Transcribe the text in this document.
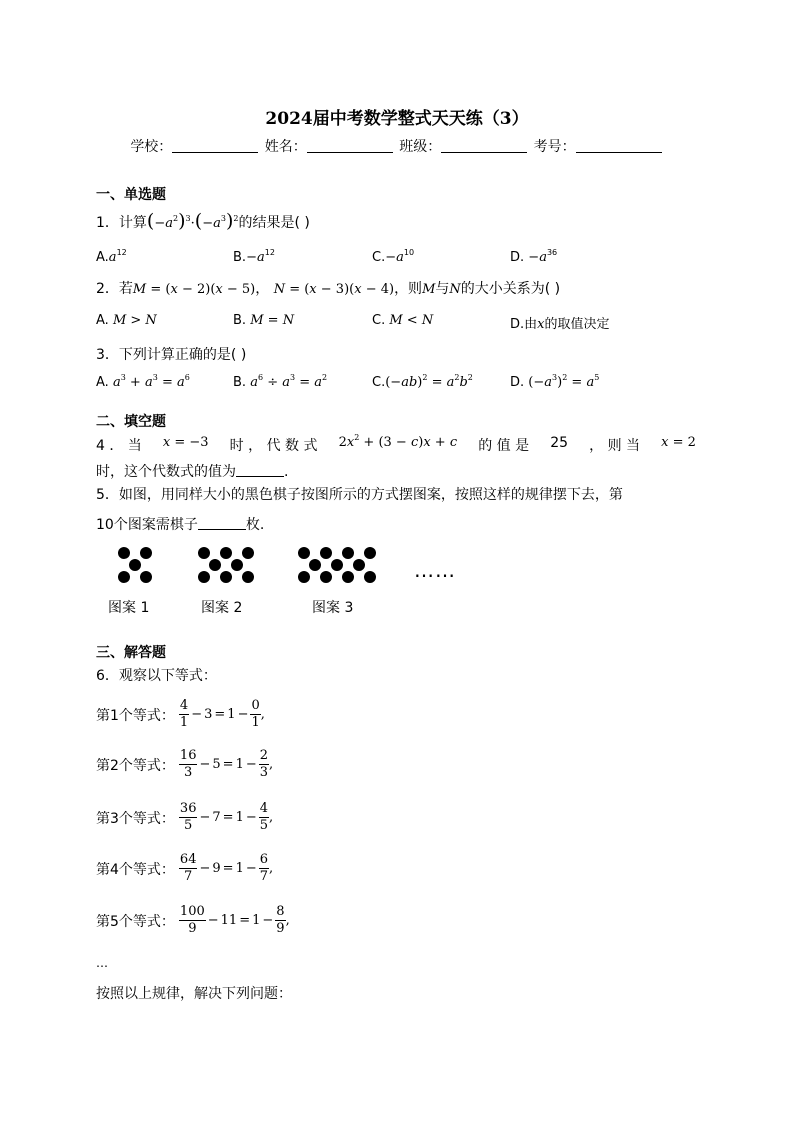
2024届中考数学整式天天练（3）
学校：	姓名：	班级：	考号：
一、单选题
1．计算$(-a^2)^3\cdot(-a^3)^2$的结果是( )
$A.a^{12}$	$B.-a^{12}$	$C.-a^{10}$	D. $-a^{36}$
2．若M = (x − 2)(x − 5)， N = (x − 3)(x − 4)，则M与N的大小关系为( )
A. M > N	B. M = N	C. M < N	D.由x的取值决定
3．下列计算正确的是( )
A. $a^3 + a^3 = a^6$	B. $a^6 \div a^3 = a^2$	$C.(-ab)^2 = a^2b^2$	D. $(-a^3)^2 = a^5$
二、填空题
4 ． 当 x = −3 时 ， 代 数 式 $2x^2 + (3 - c)x + c$ 的 值 是 25 ， 则 当 x = 2
时，这个代数式的值为	.
5．如图，用同样大小的黑色棋子按图所示的方式摆图案，按照这样的规律摆下去，第
10个图案需棋子	枚.
……
图案 1	图案 2	图案 3
三、解答题
6．观察以下等式：
第1个等式： $\frac{4}{1} - 3 = 1 - \frac{0}{1}$ ,
第2个等式： $\frac{16}{3} - 5 = 1 - \frac{2}{3}$ ,
第3个等式： $\frac{36}{5} - 7 = 1 - \frac{4}{5}$ ,
第4个等式： $\frac{64}{7} - 9 = 1 - \frac{6}{7}$ ,
第5个等式： $\frac{100}{9} - 11 = 1 - \frac{8}{9}$ ,
…
按照以上规律，解决下列问题：
